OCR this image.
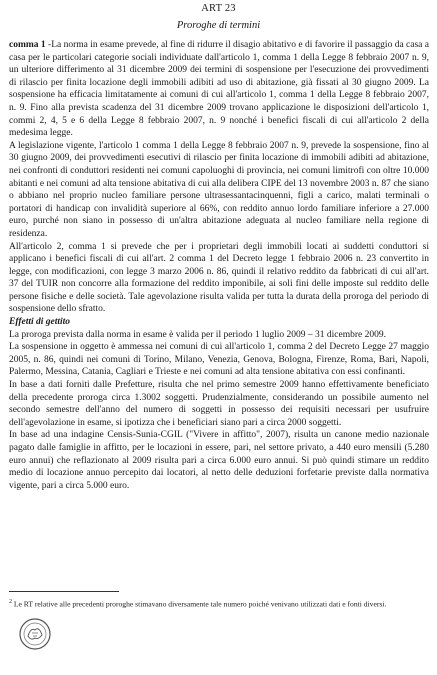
ART 23
Proroghe di termini

comma 1 -La norma in esame prevede, al fine di ridurre il disagio abitativo e di favorire il passaggio da casa a casa per le particolari categorie sociali individuate dall'articolo 1, comma 1 della Legge 8 febbraio 2007 n. 9, un ulteriore differimento al 31 dicembre 2009 dei termini di sospensione per l'esecuzione dei provvedimenti di rilascio per finita locazione degli immobili adibiti ad uso di abitazione, già fissati al 30 giugno 2009. La sospensione ha efficacia limitatamente ai comuni di cui all'articolo 1, comma 1 della Legge 8 febbraio 2007, n. 9. Fino alla prevista scadenza del 31 dicembre 2009 trovano applicazione le disposizioni dell'articolo 1, commi 2, 4, 5 e 6 della Legge 8 febbraio 2007, n. 9 nonché i benefici fiscali di cui all'articolo 2 della medesima legge.

A legislazione vigente, l'articolo 1 comma 1 della Legge 8 febbraio 2007 n. 9, prevede la sospensione, fino al 30 giugno 2009, dei provvedimenti esecutivi di rilascio per finita locazione di immobili adibiti ad abitazione, nei confronti di conduttori residenti nei comuni capoluoghi di provincia, nei comuni limitrofi con oltre 10.000 abitanti e nei comuni ad alta tensione abitativa di cui alla delibera CIPE del 13 novembre 2003 n. 87 che siano o abbiano nel proprio nucleo familiare persone ultrasessantacinquenni, figli a carico, malati terminali o portatori di handicap con invalidità superiore al 66%, con reddito annuo lordo familiare inferiore a 27.000 euro, purché non siano in possesso di un'altra abitazione adeguata al nucleo familiare nella regione di residenza.

All'articolo 2, comma 1 si prevede che per i proprietari degli immobili locati ai suddetti conduttori si applicano i benefici fiscali di cui all'art. 2 comma 1 del Decreto legge 1 febbraio 2006 n. 23 convertito in legge, con modificazioni, con legge 3 marzo 2006 n. 86, quindi il relativo reddito da fabbricati di cui all'art. 37 del TUIR non concorre alla formazione del reddito imponibile, ai soli fini delle imposte sul reddito delle persone fisiche e delle società. Tale agevolazione risulta valida per tutta la durata della proroga del periodo di sospensione dello sfratto.

Effetti di gettito

La proroga prevista dalla norma in esame è valida per il periodo 1 luglio 2009 – 31 dicembre 2009.

La sospensione in oggetto è ammessa nei comuni di cui all'articolo 1, comma 2 del Decreto Legge 27 maggio 2005, n. 86, quindi nei comuni di Torino, Milano, Venezia, Genova, Bologna, Firenze, Roma, Bari, Napoli, Palermo, Messina, Catania, Cagliari e Trieste e nei comuni ad alta tensione abitativa con essi confinanti.

In base a dati forniti dalle Prefetture, risulta che nel primo semestre 2009 hanno effettivamente beneficiato della precedente proroga circa 1.3002 soggetti. Prudenzialmente, considerando un possibile aumento nel secondo semestre dell'anno del numero di soggetti in possesso dei requisiti necessari per usufruire dell'agevolazione in esame, si ipotizza che i beneficiari siano pari a circa 2000 soggetti.

In base ad una indagine Censis-Sunia-CGIL ("Vivere in affitto", 2007), risulta un canone medio nazionale pagato dalle famiglie in affitto, per le locazioni in essere, pari, nel settore privato, a 440 euro mensili (5.280 euro annui) che reflazionato al 2009 risulta pari a circa 6.000 euro annui. Si può quindi stimare un reddito medio di locazione annuo percepito dai locatori, al netto delle deduzioni forfetarie previste dalla normativa vigente, pari a circa 5.000 euro.

$^2$ Le RT relative alle precedenti proroghe stimavano diversamente tale numero poiché venivano utilizzati dati e fonti diversi.
